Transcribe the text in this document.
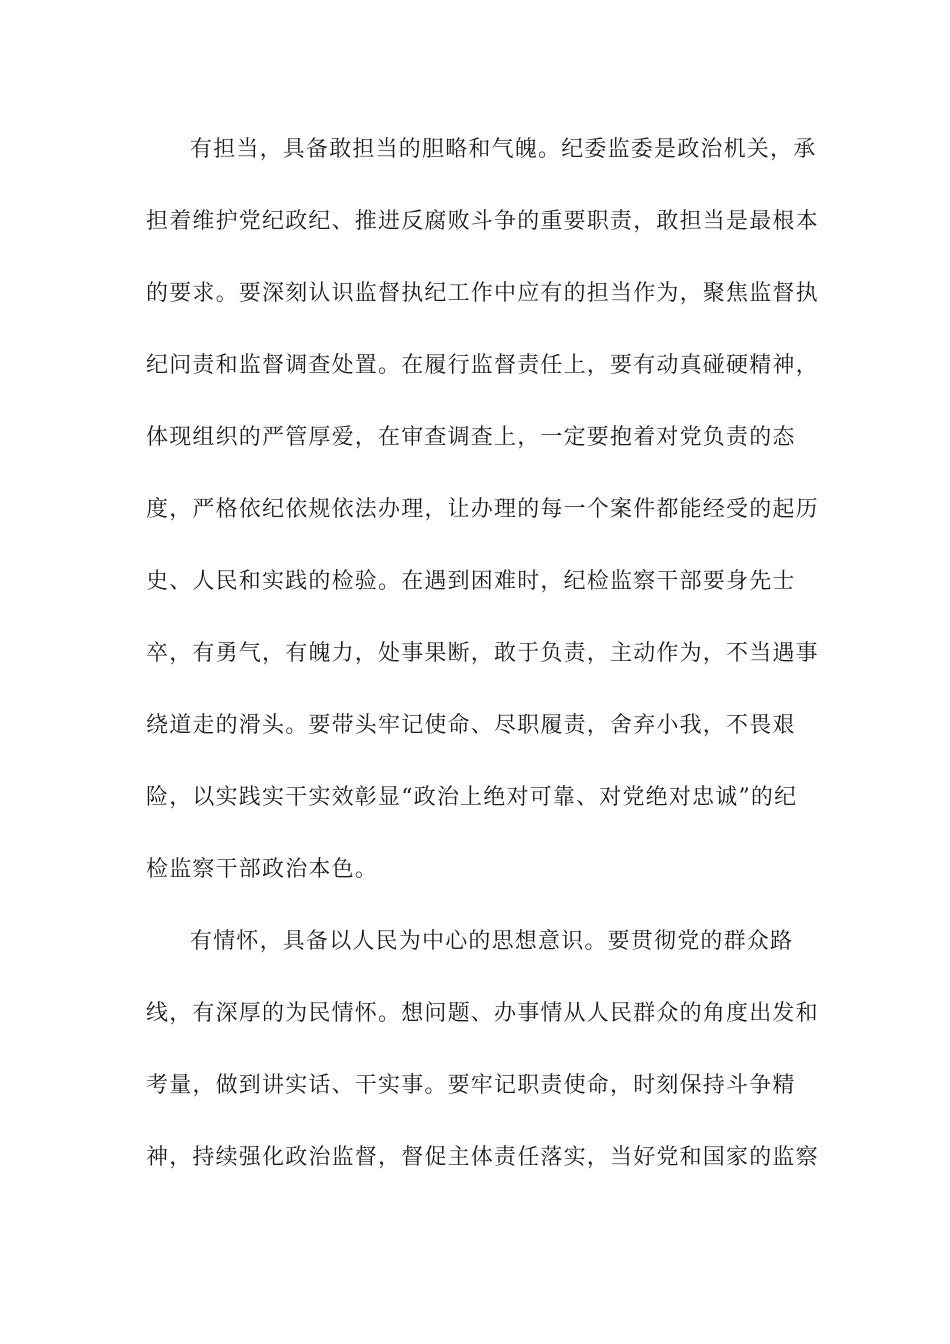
有担当，具备敢担当的胆略和气魄。纪委监委是政治机关，承
担着维护党纪政纪、推进反腐败斗争的重要职责，敢担当是最根本
的要求。要深刻认识监督执纪工作中应有的担当作为，聚焦监督执
纪问责和监督调查处置。在履行监督责任上，要有动真碰硬精神，
体现组织的严管厚爱，在审查调查上，一定要抱着对党负责的态
度，严格依纪依规依法办理，让办理的每一个案件都能经受的起历
史、人民和实践的检验。在遇到困难时，纪检监察干部要身先士
卒，有勇气，有魄力，处事果断，敢于负责，主动作为，不当遇事
绕道走的滑头。要带头牢记使命、尽职履责，舍弃小我，不畏艰
险，以实践实干实效彰显“政治上绝对可靠、对党绝对忠诚”的纪
检监察干部政治本色。
有情怀，具备以人民为中心的思想意识。要贯彻党的群众路
线，有深厚的为民情怀。想问题、办事情从人民群众的角度出发和
考量，做到讲实话、干实事。要牢记职责使命，时刻保持斗争精
神，持续强化政治监督，督促主体责任落实，当好党和国家的监察
